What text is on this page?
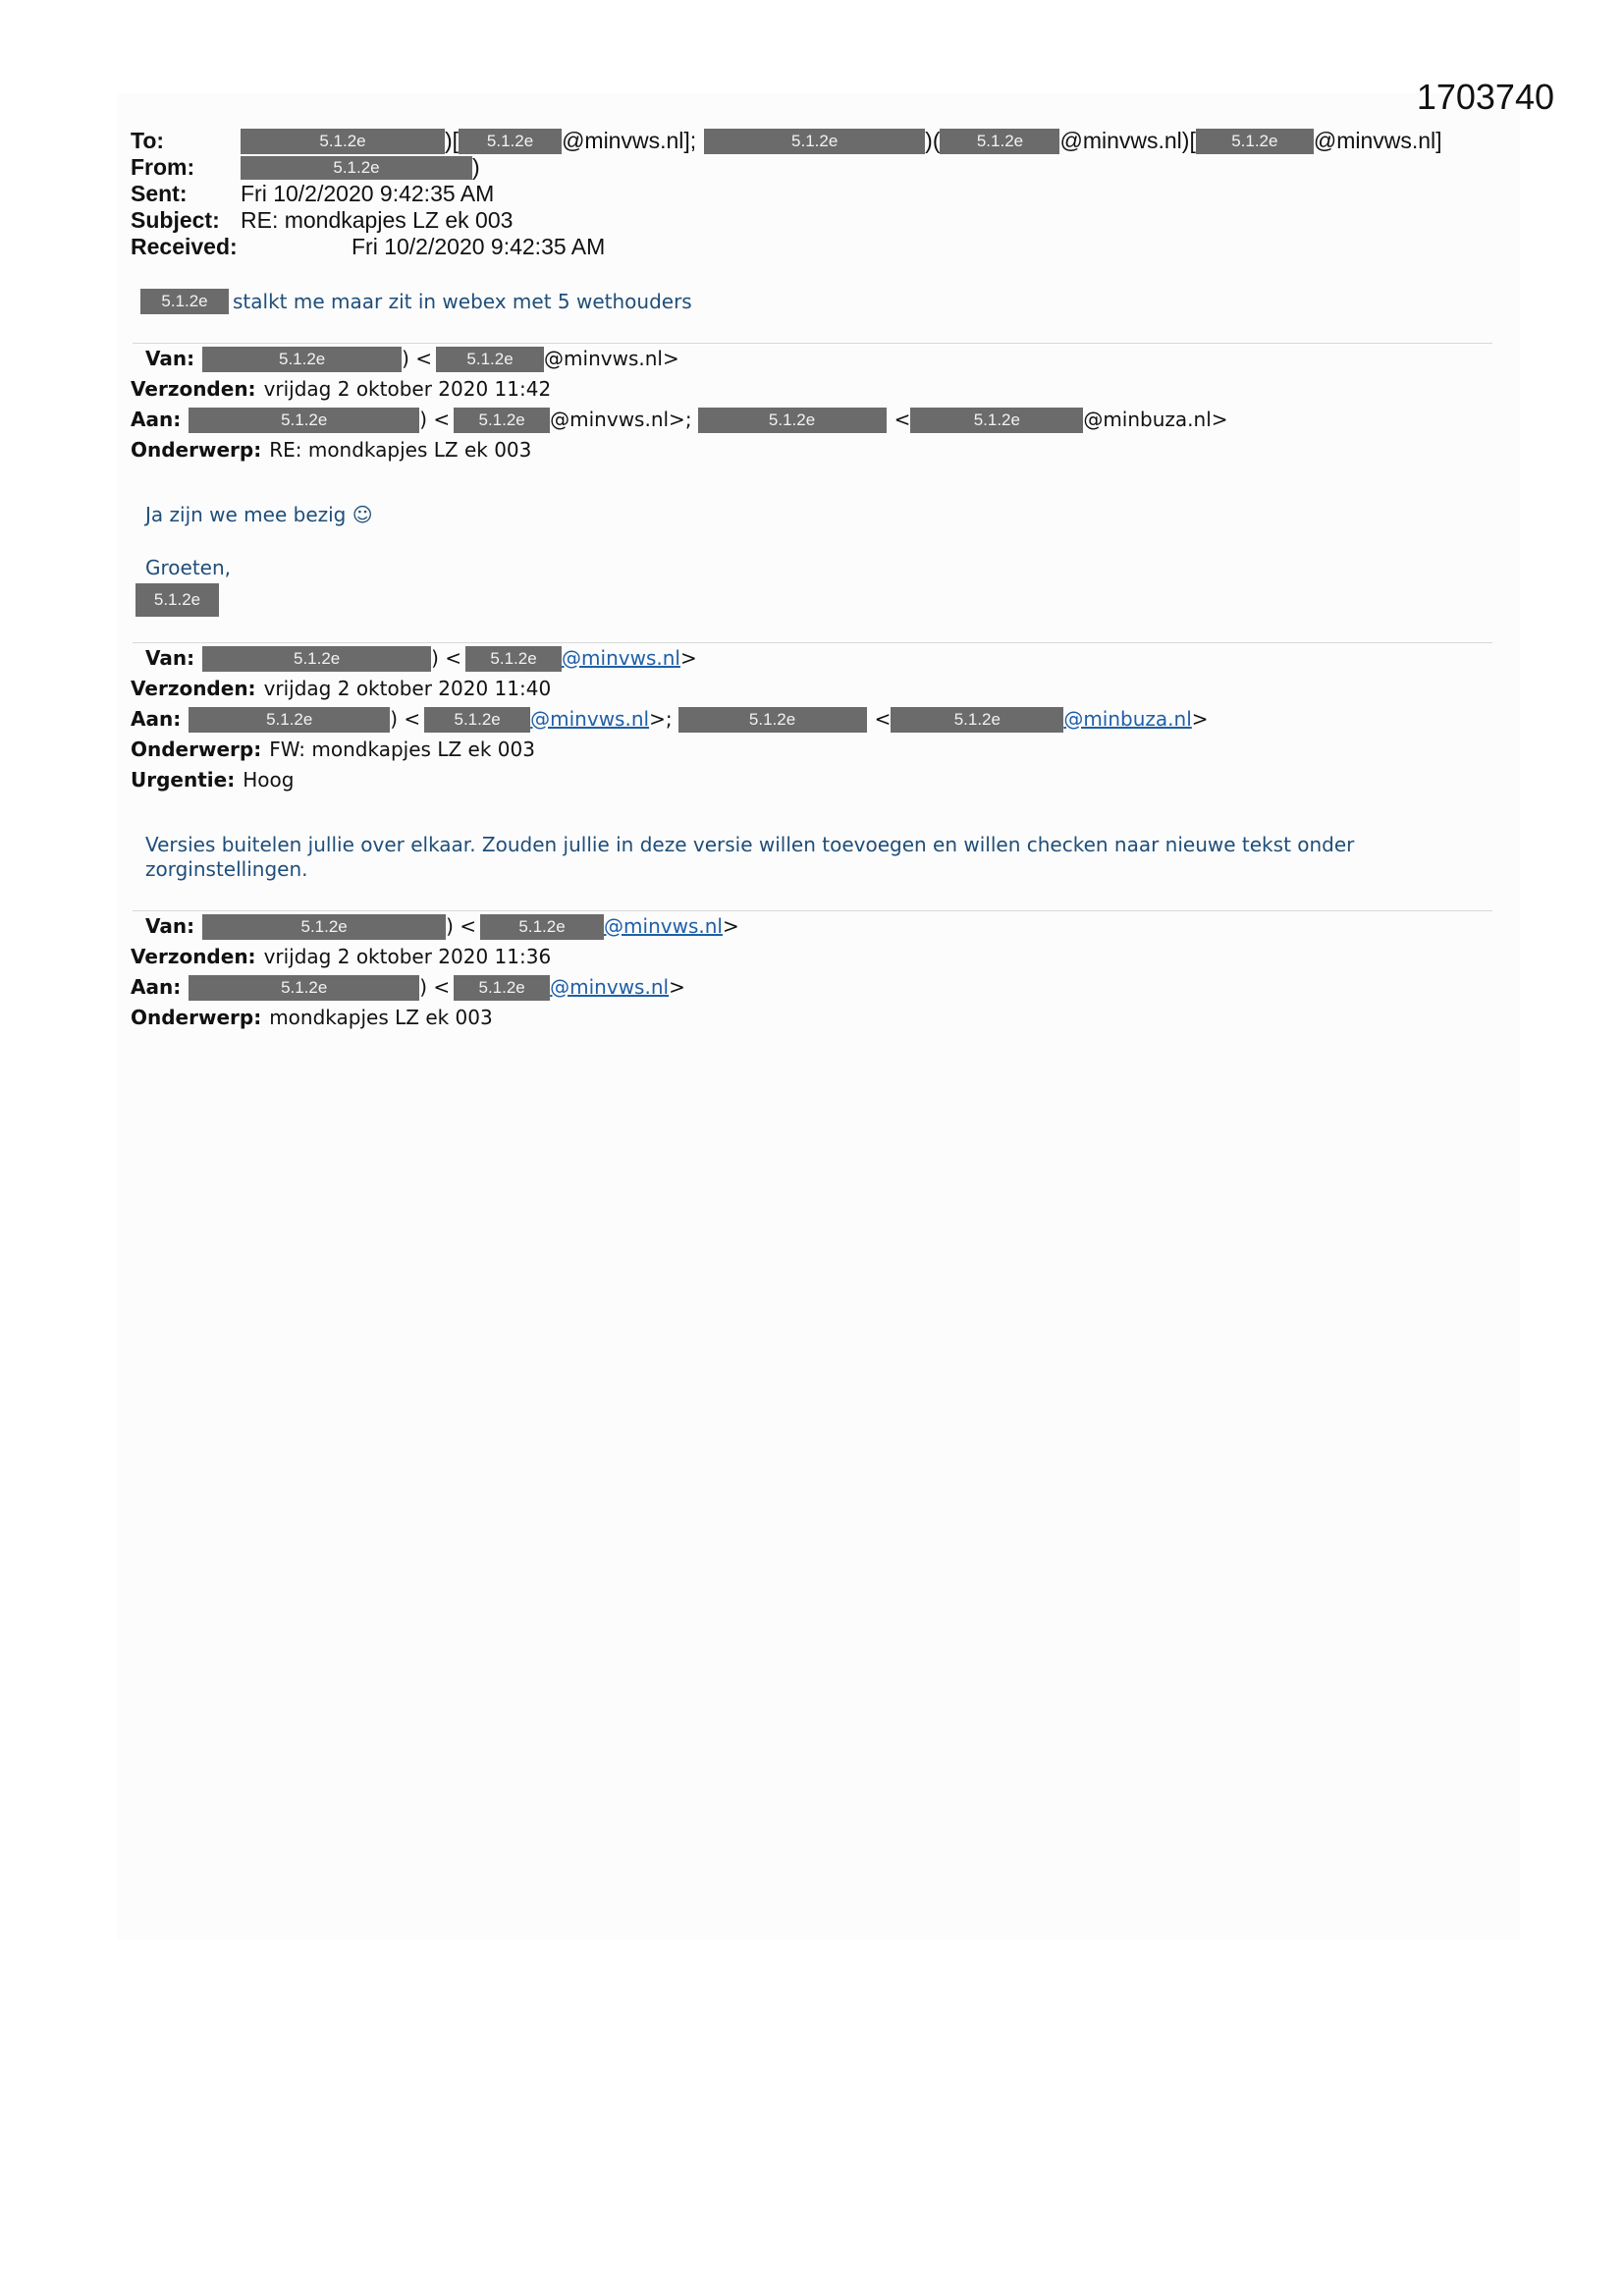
1703740
To:	5.1.2e	)[	5.1.2e	@minvws.nl];	5.1.2e	)(	5.1.2e	@minvws.nl)[	5.1.2e	@minvws.nl]
From:	5.1.2e	)
Sent: Fri 10/2/2020 9:42:35 AM
Subject: RE: mondkapjes LZ ek 003
Received:	Fri 10/2/2020 9:42:35 AM
5.1.2e	stalkt me maar zit in webex met 5 wethouders
Van:	5.1.2e	) <	5.1.2e	@minvws.nl>
Verzonden: vrijdag 2 oktober 2020 11:42
Aan:	5.1.2e	) <	5.1.2e	@minvws.nl>;	5.1.2e	<	5.1.2e	@minbuza.nl>
Onderwerp: RE: mondkapjes LZ ek 003
Ja zijn we mee bezig ☺
Groeten,
5.1.2e
Van:	5.1.2e	) <	5.1.2e	@minvws.nl >
Verzonden: vrijdag 2 oktober 2020 11:40
Aan:	5.1.2e	) <	5.1.2e	@minvws.nl >;	5.1.2e	<	5.1.2e	@minbuza.nl >
Onderwerp: FW: mondkapjes LZ ek 003
Urgentie: Hoog
Versies buitelen jullie over elkaar. Zouden jullie in deze versie willen toevoegen en willen checken naar nieuwe tekst onder zorginstellingen.
Van:	5.1.2e	) <	5.1.2e	@minvws.nl >
Verzonden: vrijdag 2 oktober 2020 11:36
Aan:	5.1.2e	) <	5.1.2e	@minvws.nl >
Onderwerp: mondkapjes LZ ek 003
